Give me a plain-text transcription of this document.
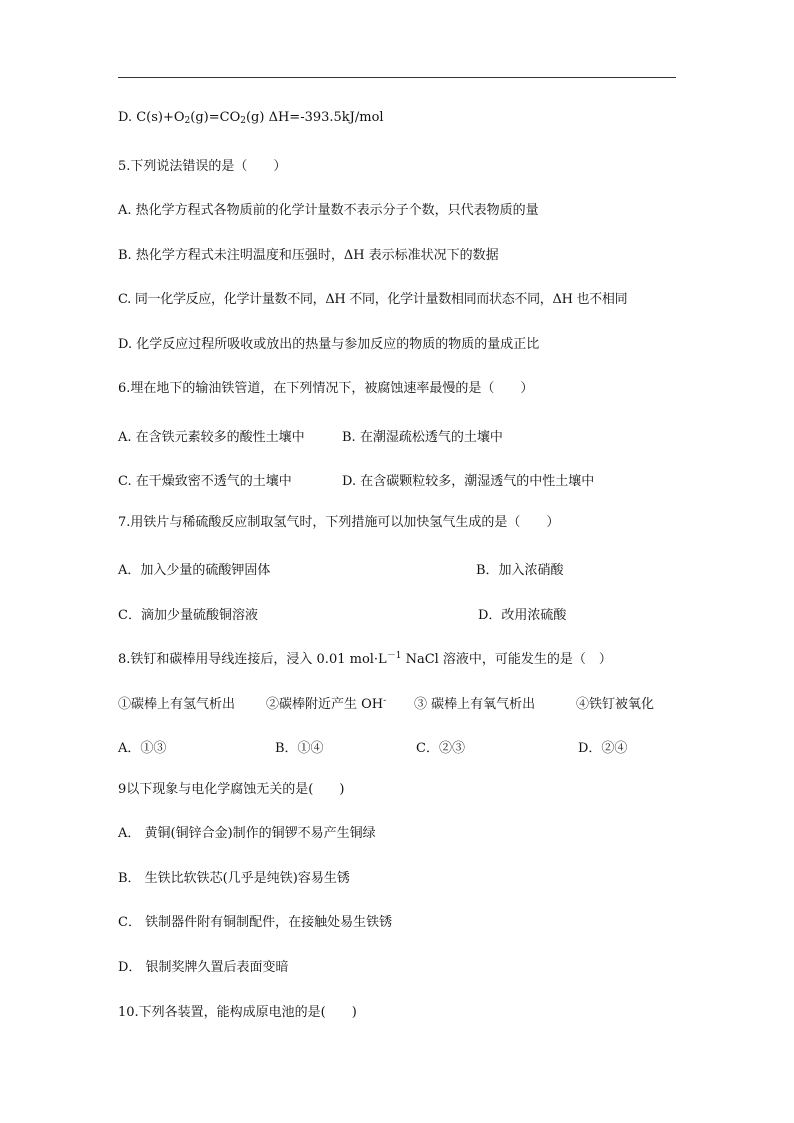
D. $C(s)+O_2(g)=CO_2(g)$ ΔH=-393.5kJ/mol
5.下列说法错误的是（　　）
A. 热化学方程式各物质前的化学计量数不表示分子个数，只代表物质的量
B. 热化学方程式未注明温度和压强时，ΔH 表示标准状况下的数据
C. 同一化学反应，化学计量数不同，ΔH 不同，化学计量数相同而状态不同，ΔH 也不相同
D. 化学反应过程所吸收或放出的热量与参加反应的物质的物质的量成正比
6.埋在地下的输油铁管道，在下列情况下，被腐蚀速率最慢的是（　　）
A. 在含铁元素较多的酸性土壤中	B. 在潮湿疏松透气的土壤中
C. 在干燥致密不透气的土壤中	D. 在含碳颗粒较多，潮湿透气的中性土壤中
7.用铁片与稀硫酸反应制取氢气时，下列措施可以加快氢气生成的是（　　）
A．加入少量的硫酸钾固体	B．加入浓硝酸
C．滴加少量硫酸铜溶液	D．改用浓硫酸
8.铁钉和碳棒用导线连接后，浸入 0.01 $mol\cdot L^{-1}$ NaCl 溶液中，可能发生的是（　）
①碳棒上有氢气析出 ②碳棒附近产生 OH- ③ 碳棒上有氧气析出	④铁钉被氧化
A．①③	B．①④	C．②③	D．②④
9以下现象与电化学腐蚀无关的是(　　)
A． 黄铜(铜锌合金)制作的铜锣不易产生铜绿
B． 生铁比软铁芯(几乎是纯铁)容易生锈
C． 铁制器件附有铜制配件，在接触处易生铁锈
D． 银制奖牌久置后表面变暗
10.下列各装置，能构成原电池的是(　　)
